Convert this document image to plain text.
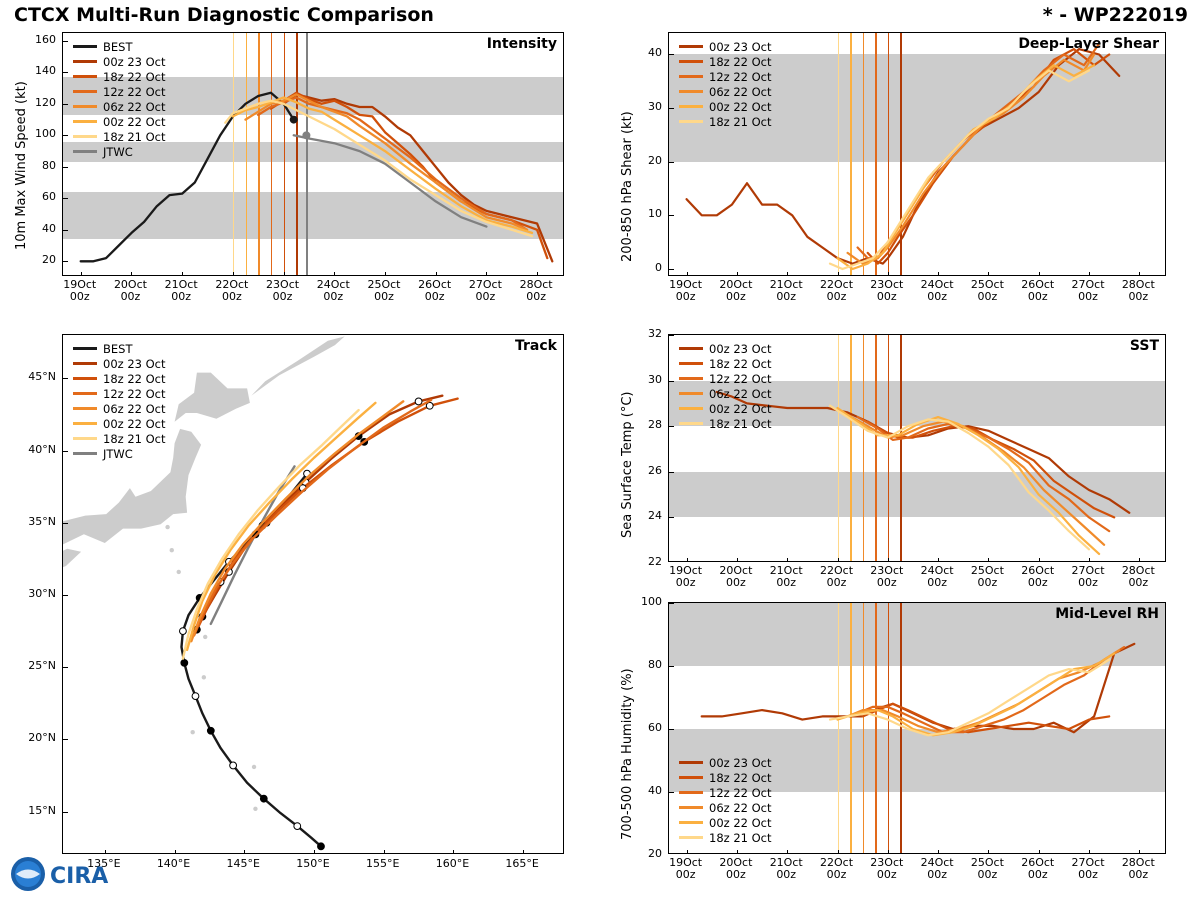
CTCX Multi-Run Diagnostic Comparison	* - WP222019
Intensity
BEST
00z 23 Oct
18z 22 Oct
12z 22 Oct
06z 22 Oct
00z 22 Oct
18z 21 Oct
JTWC
20
40
60
80
100
120
140
160
19Oct
00z
20Oct
00z
21Oct
00z
22Oct
00z
23Oct
00z
24Oct
00z
25Oct
00z
26Oct
00z
27Oct
00z
28Oct
00z
10m Max Wind Speed (kt)
Deep-Layer Shear
00z 23 Oct
18z 22 Oct
12z 22 Oct
06z 22 Oct
00z 22 Oct
18z 21 Oct
0
10
20
30
40
19Oct
00z
20Oct
00z
21Oct
00z
22Oct
00z
23Oct
00z
24Oct
00z
25Oct
00z
26Oct
00z
27Oct
00z
28Oct
00z
200-850 hPa Shear (kt)
SST
00z 23 Oct
18z 22 Oct
12z 22 Oct
06z 22 Oct
00z 22 Oct
18z 21 Oct
22
24
26
28
30
32
19Oct
00z
20Oct
00z
21Oct
00z
22Oct
00z
23Oct
00z
24Oct
00z
25Oct
00z
26Oct
00z
27Oct
00z
28Oct
00z
Sea Surface Temp (°C)
Mid-Level RH
00z 23 Oct
18z 22 Oct
12z 22 Oct
06z 22 Oct
00z 22 Oct
18z 21 Oct
20
40
60
80
100
19Oct
00z
20Oct
00z
21Oct
00z
22Oct
00z
23Oct
00z
24Oct
00z
25Oct
00z
26Oct
00z
27Oct
00z
28Oct
00z
700-500 hPa Humidity (%)
Track
BEST
00z 23 Oct
18z 22 Oct
12z 22 Oct
06z 22 Oct
00z 22 Oct
18z 21 Oct
JTWC
135°E	140°E	145°E	150°E	155°E	160°E	165°E
15°N
20°N
25°N
30°N
35°N
40°N
45°N
CIRA
